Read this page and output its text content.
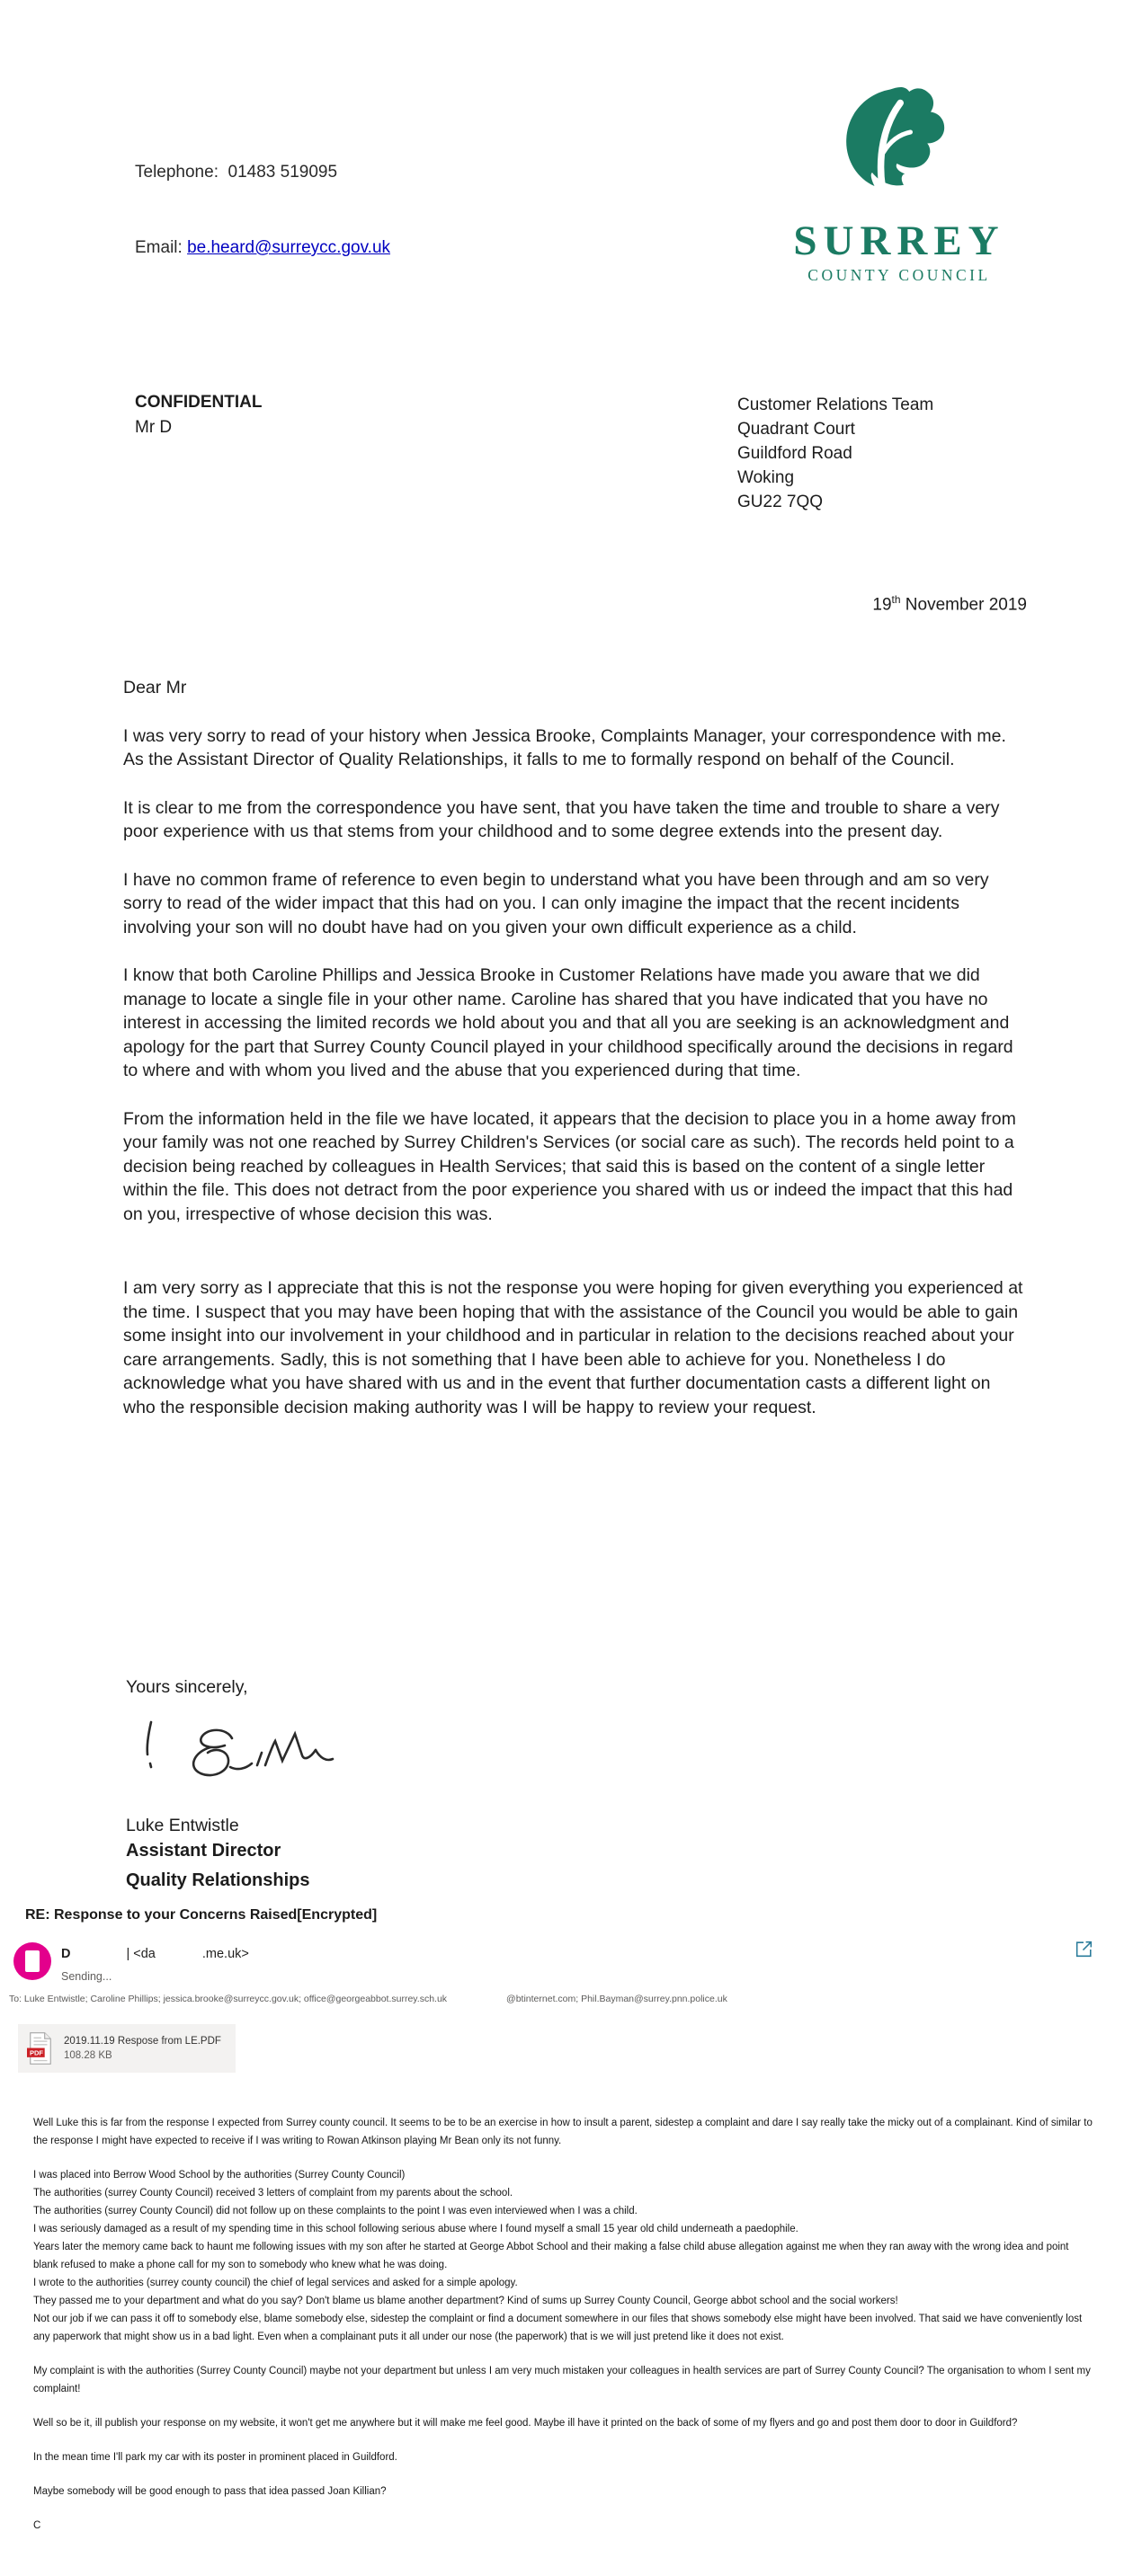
Telephone:  01483 519095

Email: be.heard@surreycc.gov.uk	SURREY
COUNTY COUNCIL
CONFIDENTIAL
Mr D
Customer Relations Team
Quadrant Court
Guildford Road
Woking
GU22 7QQ
19th November 2019

Dear Mr

I was very sorry to read of your history when Jessica Brooke, Complaints Manager, your correspondence with me. As the Assistant Director of Quality Relationships, it falls to me to formally respond on behalf of the Council.

It is clear to me from the correspondence you have sent, that you have taken the time and trouble to share a very poor experience with us that stems from your childhood and to some degree extends into the present day.

I have no common frame of reference to even begin to understand what you have been through and am so very sorry to read of the wider impact that this had on you. I can only imagine the impact that the recent incidents involving your son will no doubt have had on you given your own difficult experience as a child.

I know that both Caroline Phillips and Jessica Brooke in Customer Relations have made you aware that we did manage to locate a single file in your other name. Caroline has shared that you have indicated that you have no interest in accessing the limited records we hold about you and that all you are seeking is an acknowledgment and apology for the part that Surrey County Council played in your childhood specifically around the decisions in regard to where and with whom you lived and the abuse that you experienced during that time.

From the information held in the file we have located, it appears that the decision to place you in a home away from your family was not one reached by Surrey Children's Services (or social care as such). The records held point to a decision being reached by colleagues in Health Services; that said this is based on the content of a single letter within the file. This does not detract from the poor experience you shared with us or indeed the impact that this had on you, irrespective of whose decision this was.

I am very sorry as I appreciate that this is not the response you were hoping for given everything you experienced at the time. I suspect that you may have been hoping that with the assistance of the Council you would be able to gain some insight into our involvement in your childhood and in particular in relation to the decisions reached about your care arrangements. Sadly, this is not something that I have been able to achieve for you. Nonetheless I do acknowledge what you have shared with us and in the event that further documentation casts a different light on who the responsible decision making authority was I will be happy to review your request.

Yours sincerely,
Luke Entwistle
Assistant Director
Quality Relationships
RE: Response to your Concerns Raised[Encrypted]
D	| <da	.me.uk>
Sending...
To: Luke Entwistle; Caroline Phillips; jessica.brooke@surreycc.gov.uk; office@georgeabbot.surrey.sch.uk	@btinternet.com; Phil.Bayman@surrey.pnn.police.uk
PDF
2019.11.19 Respose from LE.PDF
108.28 KB

Well Luke this is far from the response I expected from Surrey county council. It seems to be to be an exercise in how to insult a parent, sidestep a complaint and dare I say really take the micky out of a complainant. Kind of similar to the response I might have expected to receive if I was writing to Rowan Atkinson playing Mr Bean only its not funny.

I was placed into Berrow Wood School by the authorities (Surrey County Council)

The authorities (surrey County Council) received 3 letters of complaint from my parents about the school.

The authorities (surrey County Council) did not follow up on these complaints to the point I was even interviewed when I was a child.

I was seriously damaged as a result of my spending time in this school following serious abuse where I found myself a small 15 year old child underneath a paedophile.

Years later the memory came back to haunt me following issues with my son after he started at George Abbot School and their making a false child abuse allegation against me when they ran away with the wrong idea and point blank refused to make a phone call for my son to somebody who knew what he was doing.

I wrote to the authorities (surrey county council) the chief of legal services and asked for a simple apology.

They passed me to your department and what do you say? Don't blame us blame another department? Kind of sums up Surrey County Council, George abbot school and the social workers!

Not our job if we can pass it off to somebody else, blame somebody else, sidestep the complaint or find a document somewhere in our files that shows somebody else might have been involved. That said we have conveniently lost any paperwork that might show us in a bad light. Even when a complainant puts it all under our nose (the paperwork) that is we will just pretend like it does not exist.

My complaint is with the authorities (Surrey County Council) maybe not your department but unless I am very much mistaken your colleagues in health services are part of Surrey County Council? The organisation to whom I sent my complaint!

Well so be it, ill publish your response on my website, it won't get me anywhere but it will make me feel good. Maybe ill have it printed on the back of some of my flyers and go and post them door to door in Guildford?

In the mean time I'll park my car with its poster in prominent placed in Guildford.

Maybe somebody will be good enough to pass that idea passed Joan Killian?

C
